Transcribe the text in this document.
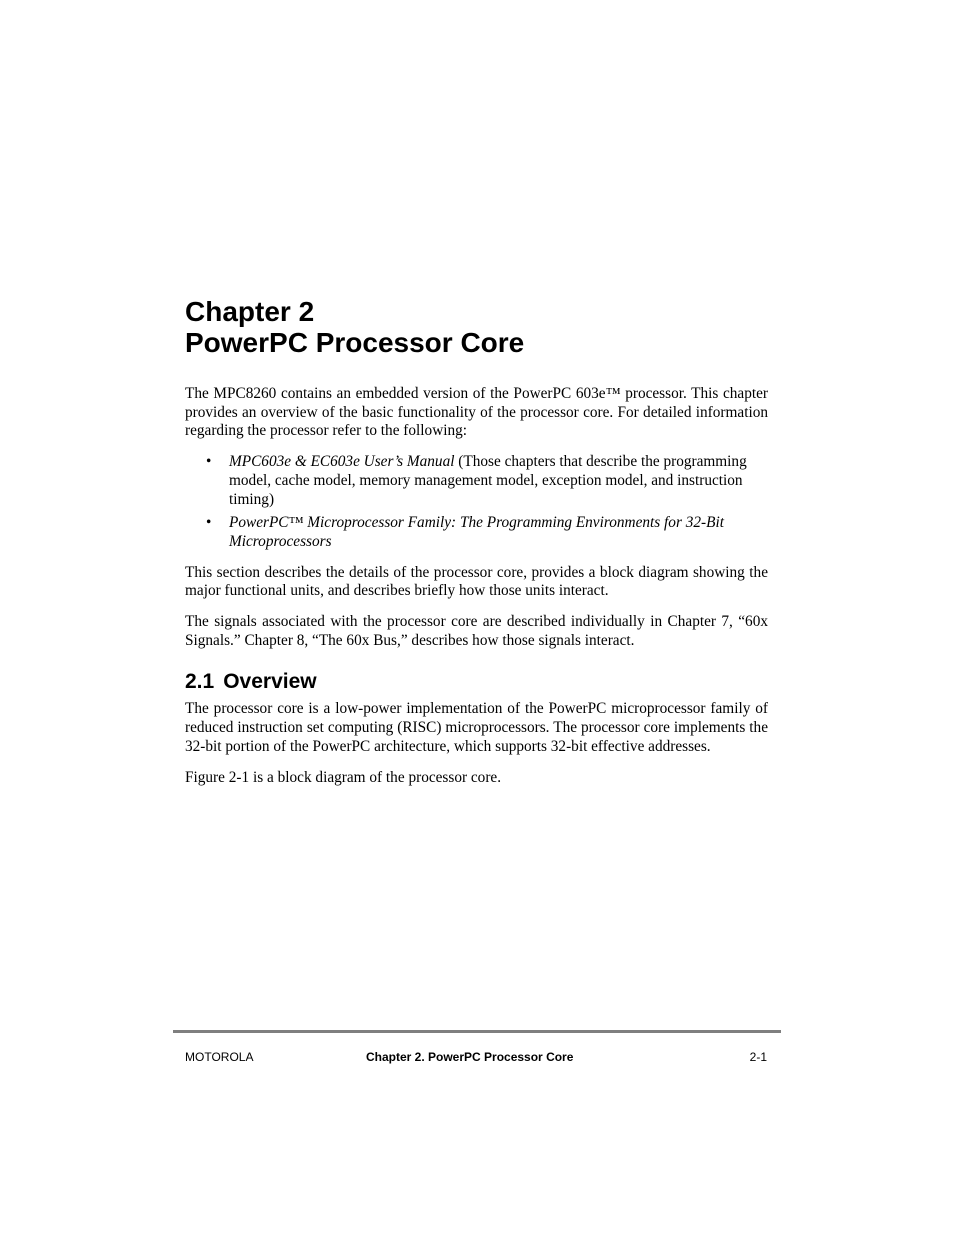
Chapter 2
PowerPC Processor Core

The MPC8260 contains an embedded version of the PowerPC 603e™ processor. This chapter provides an overview of the basic functionality of the processor core. For detailed information regarding the processor refer to the following:

• MPC603e & EC603e User’s Manual (Those chapters that describe the programming model, cache model, memory management model, exception model, and instruction timing)
• PowerPC™ Microprocessor Family: The Programming Environments for 32-Bit Microprocessors

This section describes the details of the processor core, provides a block diagram showing the major functional units, and describes briefly how those units interact.

The signals associated with the processor core are described individually in Chapter 7, “60x Signals.” Chapter 8, “The 60x Bus,” describes how those signals interact.

2.1 Overview

The processor core is a low-power implementation of the PowerPC microprocessor family of reduced instruction set computing (RISC) microprocessors. The processor core implements the 32-bit portion of the PowerPC architecture, which supports 32-bit effective addresses.

Figure 2-1 is a block diagram of the processor core.

MOTOROLA	Chapter 2. PowerPC Processor Core	2-1
